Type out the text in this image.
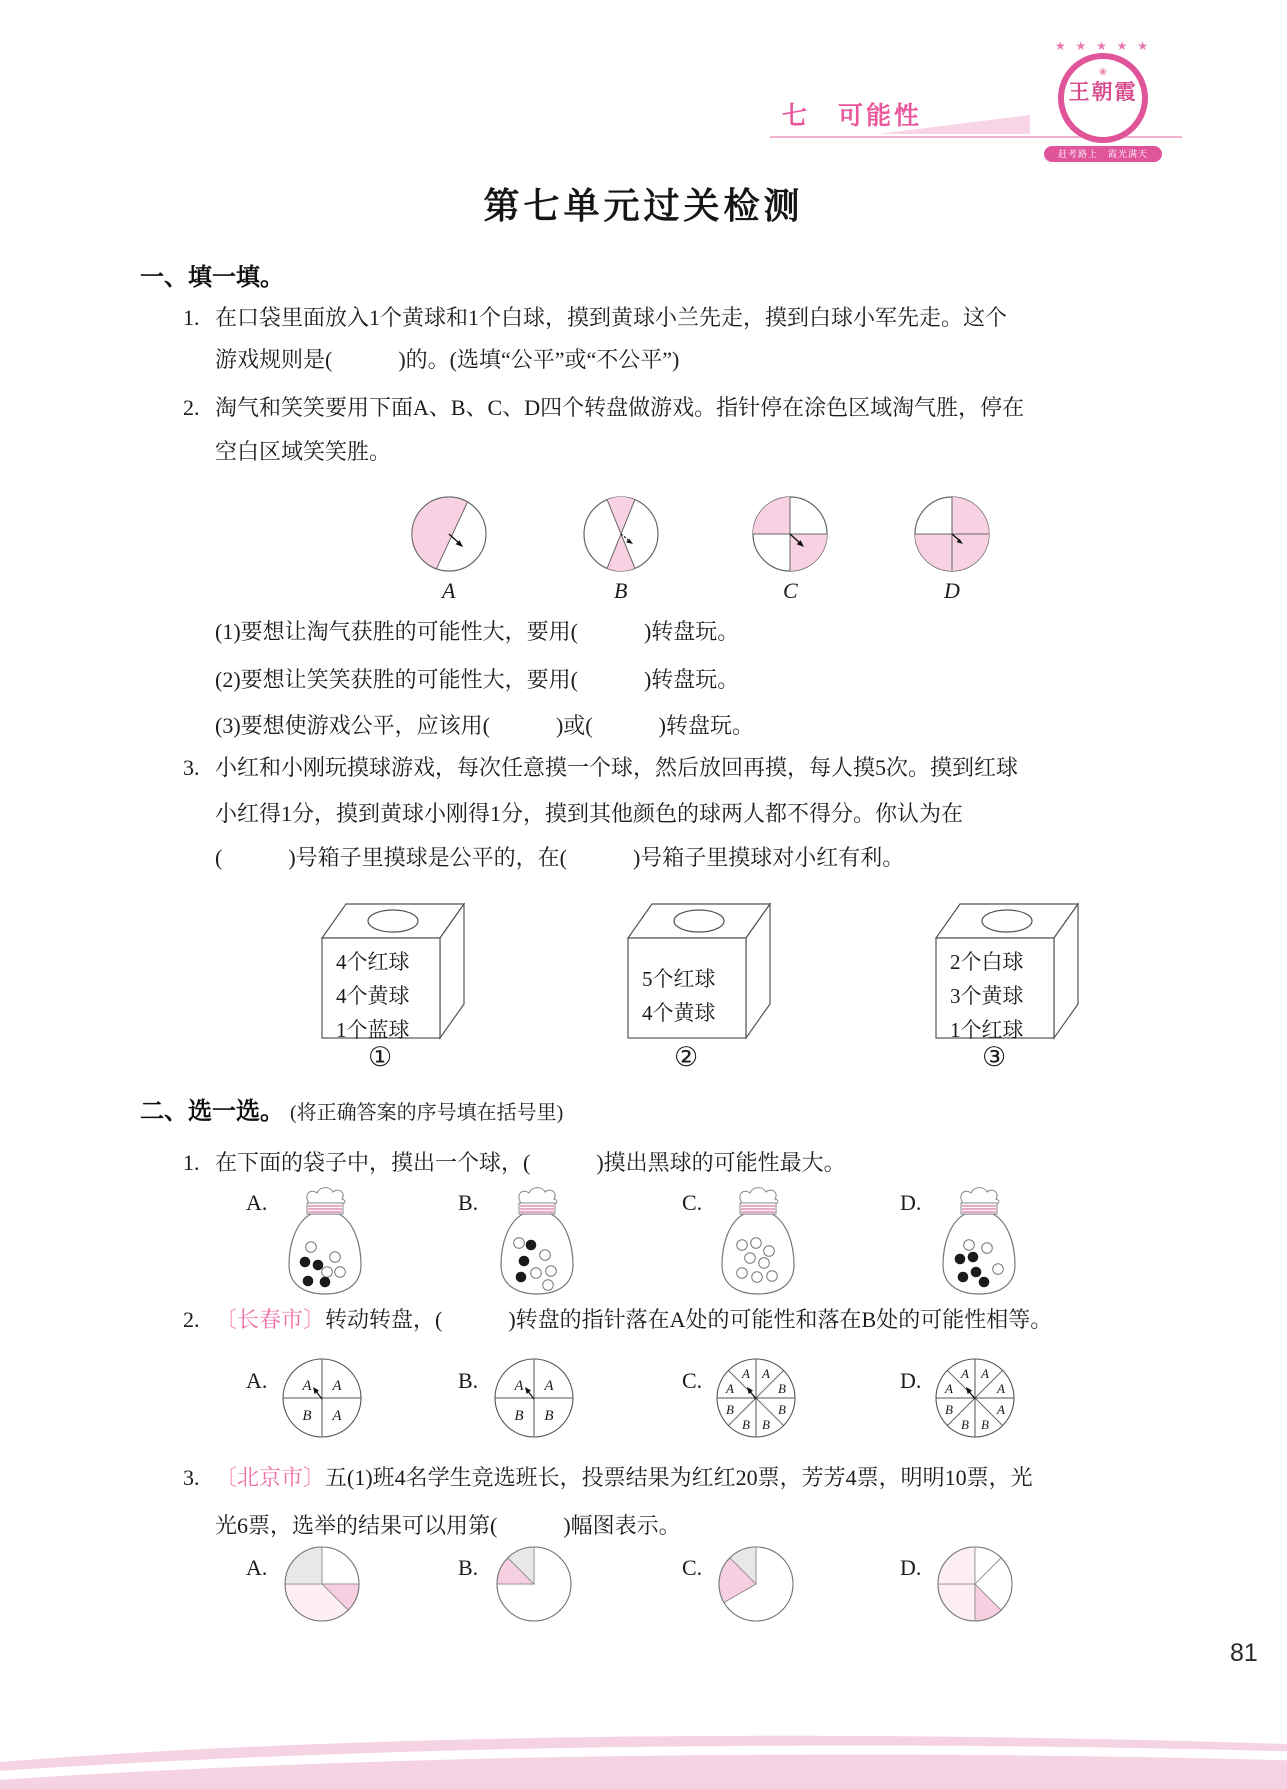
七　可能性
★ ★ ★ ★ ★
❀
王朝霞
赶考路上　霞光满天
第七单元过关检测
一、填一填。
1. 在口袋里面放入1个黄球和1个白球，摸到黄球小兰先走，摸到白球小军先走。这个
游戏规则是(　　　)的。(选填“公平”或“不公平”)
2. 淘气和笑笑要用下面A、B、C、D四个转盘做游戏。指针停在涂色区域淘气胜，停在
空白区域笑笑胜。
A	B	C	D
(1)要想让淘气获胜的可能性大，要用(　　　)转盘玩。
(2)要想让笑笑获胜的可能性大，要用(　　　)转盘玩。
(3)要想使游戏公平，应该用(　　　)或(　　　)转盘玩。
3. 小红和小刚玩摸球游戏，每次任意摸一个球，然后放回再摸，每人摸5次。摸到红球
小红得1分，摸到黄球小刚得1分，摸到其他颜色的球两人都不得分。你认为在
(　　　)号箱子里摸球是公平的，在(　　　)号箱子里摸球对小红有利。
4个红球
4个黄球
1个蓝球
①
5个红球
4个黄球
②
2个白球
3个黄球
1个红球
③
二、选一选。 (将正确答案的序号填在括号里)
1. 在下面的袋子中，摸出一个球，(　　　)摸出黑球的可能性最大。
A.	B.	C.	D.
2. 〔长春市〕转动转盘，(　　　)转盘的指针落在A处的可能性和落在B处的可能性相等。
A. A A
B A
B. A A
B B
C.	A A
B
B
B
B
B
A	D.	A A
A
A
B
B
B
A
3. 〔北京市〕五(1)班4名学生竞选班长，投票结果为红红20票，芳芳4票，明明10票，光
光6票，选举的结果可以用第(　　　)幅图表示。
A.	B.	C.	D.
81
